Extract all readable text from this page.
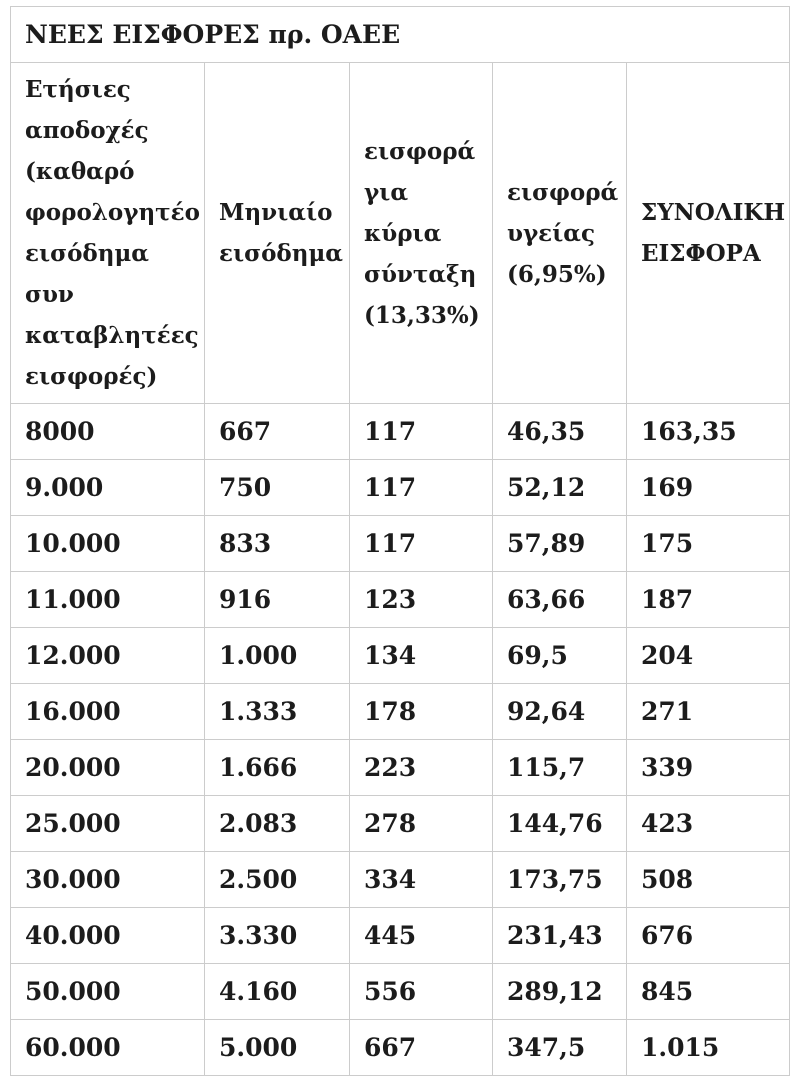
ΝΕΕΣ ΕΙΣΦΟΡΕΣ πρ. ΟΑΕΕ				
Ετήσιες αποδοχές (καθαρό φορολογητέο εισόδημα συν καταβλητέες εισφορές)	Μηνιαίο εισόδημα	εισφορά για κύρια σύνταξη (13,33%)	εισφορά υγείας (6,95%)	ΣΥΝΟΛΙΚΗ ΕΙΣΦΟΡΑ
8000	667	117	46,35	163,35
9.000	750	117	52,12	169
10.000	833	117	57,89	175
11.000	916	123	63,66	187
12.000	1.000	134	69,5	204
16.000	1.333	178	92,64	271
20.000	1.666	223	115,7	339
25.000	2.083	278	144,76	423
30.000	2.500	334	173,75	508
40.000	3.330	445	231,43	676
50.000	4.160	556	289,12	845
60.000	5.000	667	347,5	1.015
